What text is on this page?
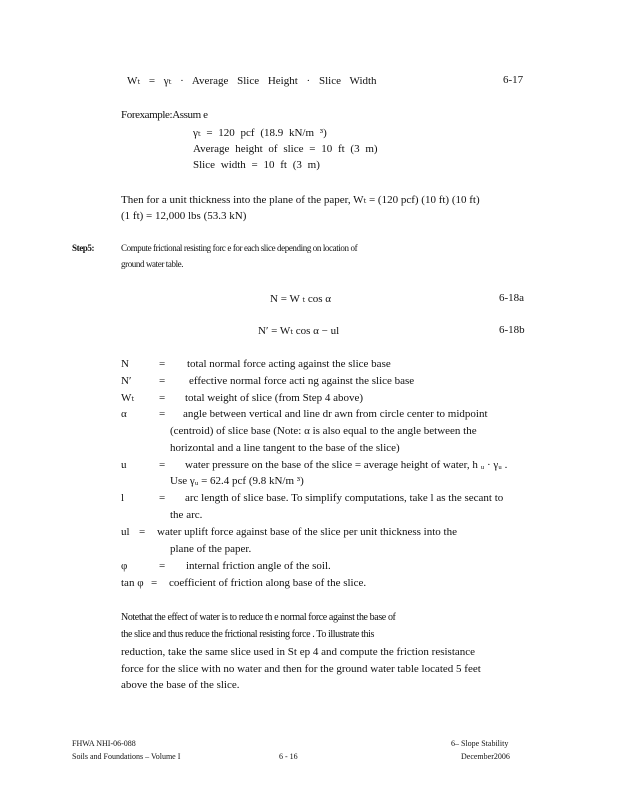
Wₜ = γₜ · Average Slice Height · Slice Width	6-17
Forexample:Assum e
γₜ = 120 pcf (18.9 kN/m ³)
Average height of slice = 10 ft (3 m)
Slice width = 10 ft (3 m)
Then for a unit thickness into the plane of the paper, Wₜ = (120 pcf) (10 ft) (10 ft)
(1 ft) = 12,000 lbs (53.3 kN)
Step5:	Compute frictional resisting forc e for each slice depending on location of
ground water table.
N = W ₜ cos α	6-18a
N′ = Wₜ cos α − ul	6-18b
N	= total normal force acting against the slice base
N′	= effective normal force acti ng against the slice base
Wₜ = total weight of slice (from Step 4 above)
α	= angle between vertical and line dr awn from circle center to midpoint
(centroid) of slice base (Note: α is also equal to the angle between the
horizontal and a line tangent to the base of the slice)
u	= water pressure on the base of the slice = average height of water, h ᵤ · γᵤ .
Use γᵤ = 62.4 pcf (9.8 kN/m ³)
l	= arc length of slice base. To simplify computations, take l as the secant to
the arc.
ul = water uplift force against base of the slice per unit thickness into the
plane of the paper.
φ	= internal friction angle of the soil.
tan φ = coefficient of friction along base of the slice.
Notethat the effect of water is to reduce th e normal force against the base of
the slice and thus reduce the frictional resisting force . To illustrate this
reduction, take the same slice used in St ep 4 and compute the friction resistance
force for the slice with no water and then for the ground water table located 5 feet
above the base of the slice.
FHWA NHI-06-088
Soils and Foundations – Volume I	6 - 16
6– Slope Stability
December2006
